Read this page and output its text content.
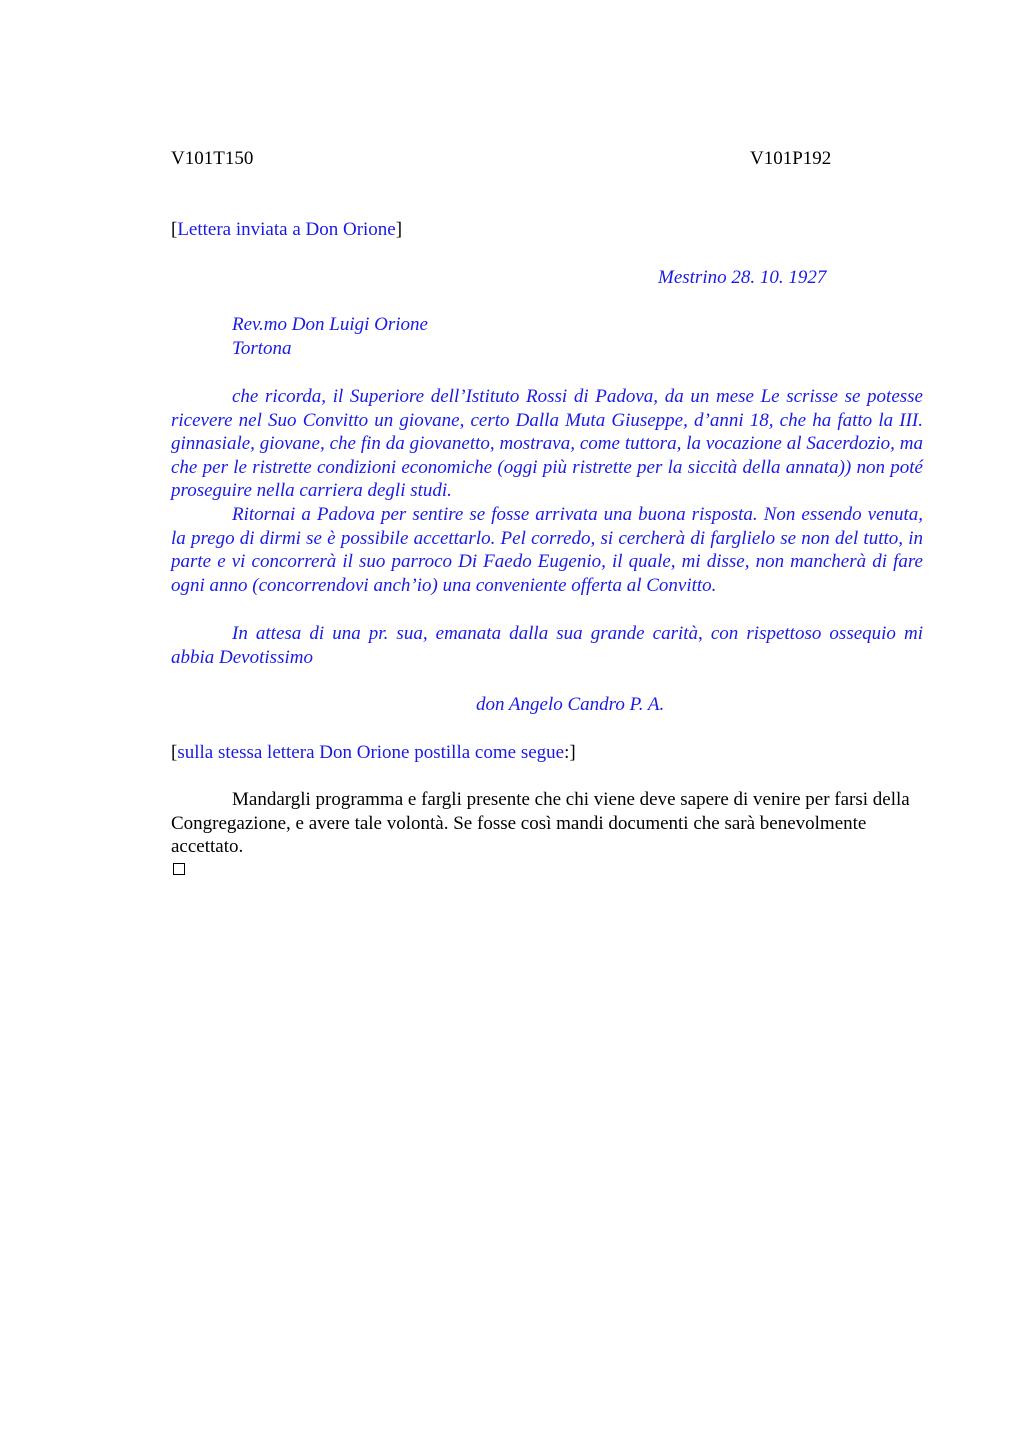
V101T150	V101P192
[Lettera inviata a Don Orione]
Mestrino 28. 10. 1927
Rev.mo Don Luigi Orione
Tortona

che ricorda, il Superiore dell’Istituto Rossi di Padova, da un mese Le scrisse se potesse ricevere nel Suo Convitto un giovane, certo Dalla Muta Giuseppe, d’anni 18, che ha fatto la III. ginnasiale, giovane, che fin da giovanetto, mostrava, come tuttora, la vocazione al Sacerdozio, ma che per le ristrette condizioni economiche (oggi più ristrette per la siccità della annata)) non poté proseguire nella carriera degli studi.

Ritornai a Padova per sentire se fosse arrivata una buona risposta. Non essendo venuta, la prego di dirmi se è possibile accettarlo. Pel corredo, si cercherà di farglielo se non del tutto, in parte e vi concorrerà il suo parroco Di Faedo Eugenio, il quale, mi disse, non mancherà di fare ogni anno (concorrendovi anch’io) una conveniente offerta al Convitto.

In attesa di una pr. sua, emanata dalla sua grande carità, con rispettoso ossequio mi abbia Devotissimo

don Angelo Candro P. A.
[sulla stessa lettera Don Orione postilla come segue:]

Mandargli programma e fargli presente che chi viene deve sapere di venire per farsi della Congregazione, e avere tale volontà. Se fosse così mandi documenti che sarà benevolmente accettato.
